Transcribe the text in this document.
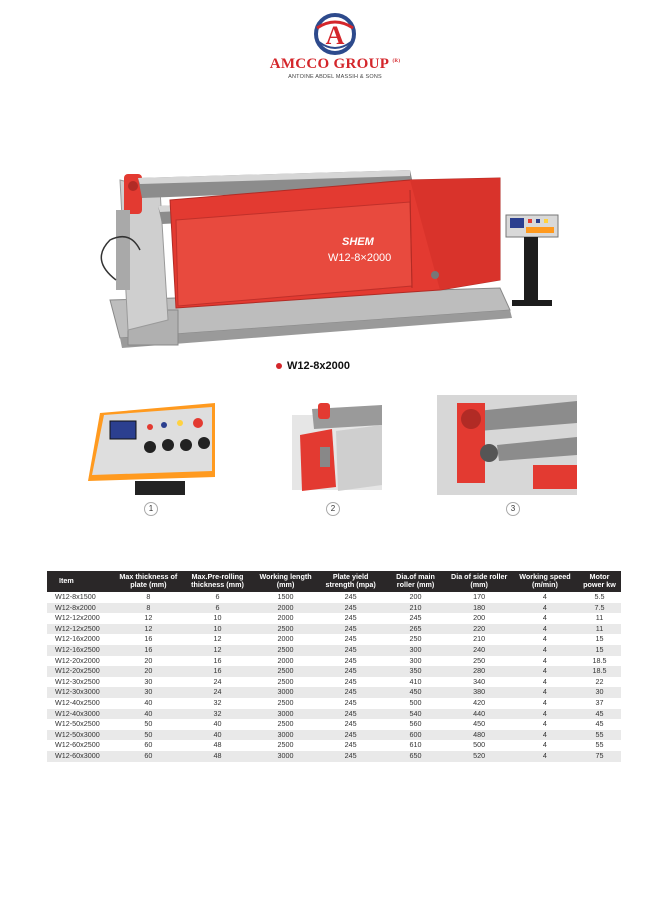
A
AMCCO GROUP $^{(R)}$
ANTOINE ABDEL MASSIH & SONS
SHEM
W12-8×2000
W12-8x2000
1	2	3
Item	Max thickness of plate (mm)	Max.Pre-rolling thickness (mm)	Working length (mm)	Plate yield strength (mpa)	Dia.of main roller (mm)	Dia of side roller (mm)	Working speed (m/min)	Motor power kw
W12-8x1500	8	6	1500	245	200	170	4	5.5
W12-8x2000	8	6	2000	245	210	180	4	7.5
W12-12x2000	12	10	2000	245	245	200	4	11
W12-12x2500	12	10	2500	245	265	220	4	11
W12-16x2000	16	12	2000	245	250	210	4	15
W12-16x2500	16	12	2500	245	300	240	4	15
W12-20x2000	20	16	2000	245	300	250	4	18.5
W12-20x2500	20	16	2500	245	350	280	4	18.5
W12-30x2500	30	24	2500	245	410	340	4	22
W12-30x3000	30	24	3000	245	450	380	4	30
W12-40x2500	40	32	2500	245	500	420	4	37
W12-40x3000	40	32	3000	245	540	440	4	45
W12-50x2500	50	40	2500	245	560	450	4	45
W12-50x3000	50	40	3000	245	600	480	4	55
W12-60x2500	60	48	2500	245	610	500	4	55
W12-60x3000	60	48	3000	245	650	520	4	75
